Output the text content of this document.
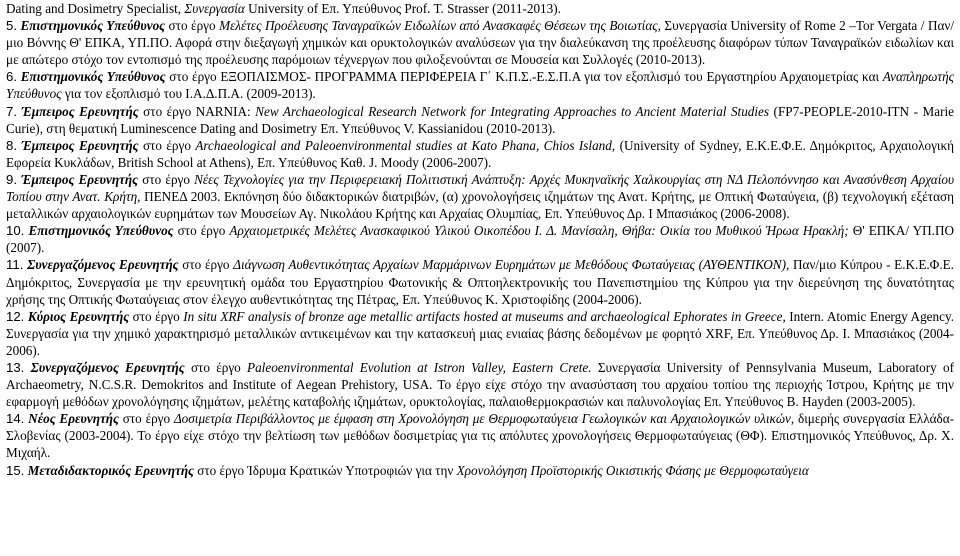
Dating and Dosimetry Specialist, Συνεργασία University of Επ. Υπεύθυνος Prof. T. Strasser (2011-2013).

5. Επιστημονικός Υπεύθυνος στο έργο Μελέτες Προέλευσης Ταναγραϊκών Ειδωλίων από Ανασκαφές Θέσεων της Βοιωτίας, Συνεργασία University of Rome 2 –Tor Vergata / Παν/μιο Βόννης Θ' ΕΠΚΑ, ΥΠ.ΠΟ. Αφορά στην διεξαγωγή χημικών και ορυκτολογικών αναλύσεων για την διαλεύκανση της προέλευσης διαφόρων τύπων Ταναγραϊκών ειδωλίων και με απώτερο στόχο τον εντοπισμό της προέλευσης παρόμοιων τέχνεργων που φιλοξενούνται σε Μουσεία και Συλλογές (2010-2013).

6. Επιστημονικός Υπεύθυνος στο έργο ΕΞΟΠΛΙΣΜΟΣ- ΠΡΟΓΡΑΜΜΑ ΠΕΡΙΦΕΡΕΙΑ Γ΄ Κ.Π.Σ.-Ε.Σ.Π.Α για τον εξοπλισμό του Εργαστηρίου Αρχαιομετρίας και Αναπληρωτής Υπεύθυνος για τον εξοπλισμό του Ι.Α.Δ.Π.Α. (2009-2013).

7. Έμπειρος Ερευνητής στο έργο NARNIA: New Archaeological Research Network for Integrating Approaches to Ancient Material Studies (FP7-PEOPLE-2010-ITN - Marie Curie), στη θεματική Luminescence Dating and Dosimetry Επ. Υπεύθυνος V. Kassianidou (2010-2013).

8. Έμπειρος Ερευνητής στο έργο Archaeological and Paleoenvironmental studies at Kato Phana, Chios Island, (University of Sydney, Ε.Κ.Ε.Φ.Ε. Δημόκριτος, Αρχαιολογική Εφορεία Κυκλάδων, British School at Athens), Επ. Υπεύθυνος Καθ. J. Moody (2006-2007).

9. Έμπειρος Ερευνητής στο έργο Νέες Τεχνολογίες για την Περιφερειακή Πολιτιστική Ανάπτυξη: Αρχές Μυκηναϊκής Χαλκουργίας στη ΝΔ Πελοπόννησο και Ανασύνθεση Αρχαίου Τοπίου στην Ανατ. Κρήτη, ΠΕΝΕΔ 2003. Εκπόνηση δύο διδακτορικών διατριβών, (α) χρονολογήσεις ιζημάτων της Ανατ. Κρήτης, με Οπτική Φωταύγεια, (β) τεχνολογική εξέταση μεταλλικών αρχαιολογικών ευρημάτων των Μουσείων Αγ. Νικολάου Κρήτης και Αρχαίας Ολυμπίας, Επ. Υπεύθυνος Δρ. Ι Μπασιάκος (2006-2008).

10. Επιστημονικός Υπεύθυνος στο έργο Αρχαιομετρικές Μελέτες Ανασκαφικού Υλικού Οικοπέδου Ι. Δ. Μανίσαλη, Θήβα: Οικία του Μυθικού Ήρωα Ηρακλή; Θ' ΕΠΚΑ/ ΥΠ.ΠΟ (2007).

11. Συνεργαζόμενος Ερευνητής στο έργο Διάγνωση Αυθεντικότητας Αρχαίων Μαρμάρινων Ευρημάτων με Μεθόδους Φωταύγειας (ΑΥΘΕΝΤΙΚΟΝ), Παν/μιο Κύπρου - Ε.Κ.Ε.Φ.Ε. Δημόκριτος, Συνεργασία με την ερευνητική ομάδα του Εργαστηρίου Φωτονικής & Οπτοηλεκτρονικής του Πανεπιστημίου της Κύπρου για την διερεύνηση της δυνατότητας χρήσης της Οπτικής Φωταύγειας στον έλεγχο αυθεντικότητας της Πέτρας, Επ. Υπεύθυνος Κ. Χριστοφίδης (2004-2006).

12. Κύριος Ερευνητής στο έργο In situ XRF analysis of bronze age metallic artifacts hosted at museums and archaeological Ephorates in Greece, Intern. Atomic Energy Agency. Συνεργασία για την χημικό χαρακτηρισμό μεταλλικών αντικειμένων και την κατασκευή μιας ενιαίας βάσης δεδομένων με φορητό XRF, Επ. Υπεύθυνος Δρ. Ι. Μπασιάκος (2004-2006).

13. Συνεργαζόμενος Ερευνητής στο έργο Paleoenvironmental Evolution at Istron Valley, Eastern Crete. Συνεργασία University of Pennsylvania Museum, Laboratory of Archaeometry, N.C.S.R. Demokritos and Institute of Aegean Prehistory, USA. Το έργο είχε στόχο την ανασύσταση του αρχαίου τοπίου της περιοχής Ίστρου, Κρήτης με την εφαρμογή μεθόδων χρονολόγησης ιζημάτων, μελέτης καταβολής ιζημάτων, ορυκτολογίας, παλαιοθερμοκρασιών και παλυνολογίας Επ. Υπεύθυνος B. Hayden (2003-2005).

14. Νέος Ερευνητής στο έργο Δοσιμετρία Περιβάλλοντος με έμφαση στη Χρονολόγηση με Θερμοφωταύγεια Γεωλογικών και Αρχαιολογικών υλικών, διμερής συνεργασία Ελλάδα-Σλοβενίας (2003-2004). Το έργο είχε στόχο την βελτίωση των μεθόδων δοσιμετρίας για τις απόλυτες χρονολογήσεις Θερμοφωταύγειας (ΘΦ). Επιστημονικός Υπεύθυνος, Δρ. Χ. Μιχαήλ.

15. Μεταδιδακτορικός Ερευνητής στο έργο Ίδρυμα Κρατικών Υποτροφιών για την Χρονολόγηση Προϊστορικής Οικιστικής Φάσης με Θερμοφωταύγεια
